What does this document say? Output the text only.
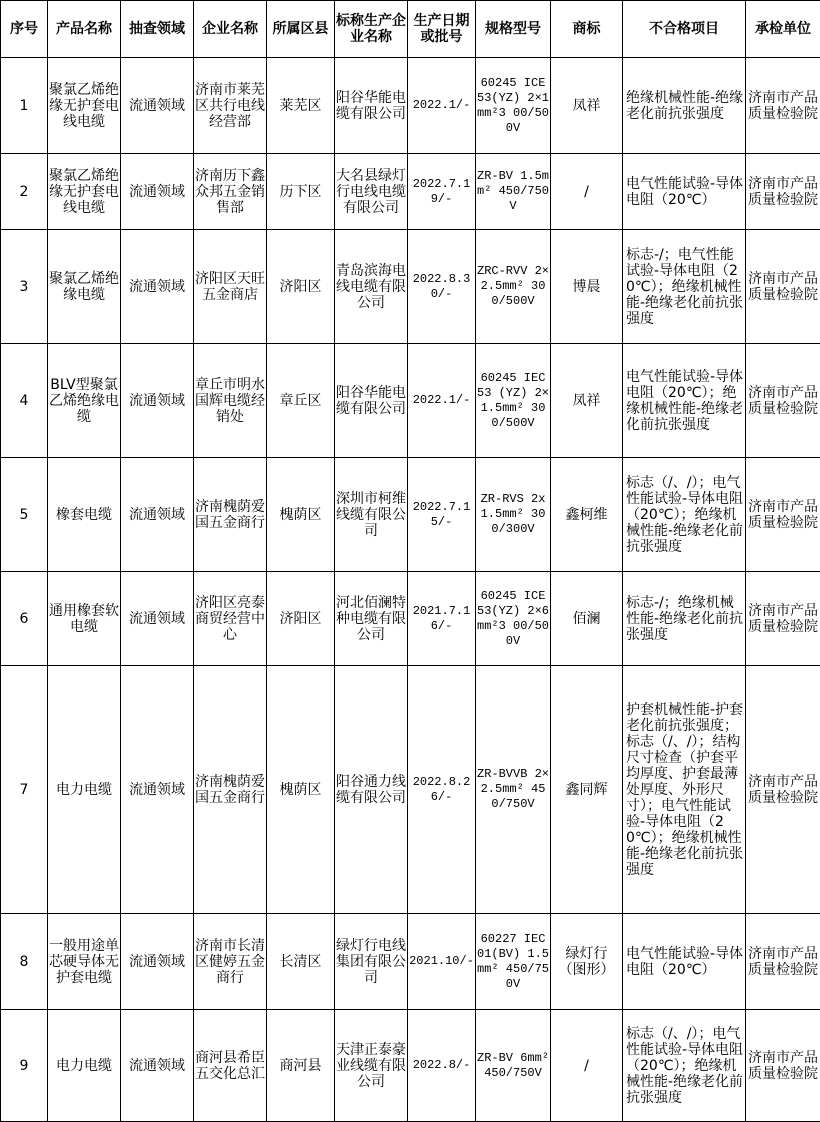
序号	产品名称	抽查领域	企业名称	所属区县	标称生产企业名称	生产日期或批号	规格型号	商标	不合格项目	承检单位
1	聚氯乙烯绝缘无护套电线电缆	流通领域	济南市莱芜区共行电线经营部	莱芜区	阳谷华能电缆有限公司	2022.1/-	60245 ICE 53(YZ) 2×1mm²3 00/500V	凤祥	绝缘机械性能-绝缘老化前抗张强度	济南市产品质量检验院
2	聚氯乙烯绝缘无护套电线电缆	流通领域	济南历下鑫众邦五金销售部	历下区	大名县绿灯行电线电缆有限公司	2022.7.19/-	ZR-BV 1.5mm² 450/750V	/	电气性能试验-导体电阻（20℃）	济南市产品质量检验院
3	聚氯乙烯绝缘电缆	流通领域	济阳区天旺五金商店	济阳区	青岛滨海电线电缆有限公司	2022.8.30/-	ZRC-RVV 2×2.5mm² 300/500V	博晨	标志-/；电气性能试验-导体电阻（20℃）；绝缘机械性能-绝缘老化前抗张强度	济南市产品质量检验院
4	BLV型聚氯乙烯绝缘电缆	流通领域	章丘市明水国辉电缆经销处	章丘区	阳谷华能电缆有限公司	2022.1/-	60245 IEC 53 (YZ) 2×1.5mm² 300/500V	凤祥	电气性能试验-导体电阻（20℃）；绝缘机械性能-绝缘老化前抗张强度	济南市产品质量检验院
5	橡套电缆	流通领域	济南槐荫爱国五金商行	槐荫区	深圳市柯维线缆有限公司	2022.7.15/-	ZR-RVS 2x1.5mm² 300/300V	鑫柯维	标志（/、/）；电气性能试验-导体电阻（20℃）；绝缘机械性能-绝缘老化前抗张强度	济南市产品质量检验院
6	通用橡套软电缆	流通领域	济阳区亮泰商贸经营中心	济阳区	河北佰澜特种电缆有限公司	2021.7.16/-	60245 ICE 53(YZ) 2×6mm²3 00/500V	佰澜	标志-/；绝缘机械性能-绝缘老化前抗张强度	济南市产品质量检验院
7	电力电缆	流通领域	济南槐荫爱国五金商行	槐荫区	阳谷通力线缆有限公司	2022.8.26/-	ZR-BVVB 2×2.5mm² 450/750V	鑫同辉	护套机械性能-护套老化前抗张强度；标志（/、/）；结构尺寸检查（护套平均厚度、护套最薄处厚度、外形尺寸）；电气性能试验-导体电阻（20℃）；绝缘机械性能-绝缘老化前抗张强度	济南市产品质量检验院
8	一般用途单芯硬导体无护套电缆	流通领域	济南市长清区健婷五金商行	长清区	绿灯行电线集团有限公司	2021.10/-	60227 IEC 01(BV) 1.5mm² 450/750V	绿灯行（图形）	电气性能试验-导体电阻（20℃）	济南市产品质量检验院
9	电力电缆	流通领域	商河县希臣五交化总汇	商河县	天津正泰豪业线缆有限公司	2022.8/-	ZR-BV 6mm² 450/750V	/	标志（/、/）；电气性能试验-导体电阻（20℃）；绝缘机械性能-绝缘老化前抗张强度	济南市产品质量检验院
